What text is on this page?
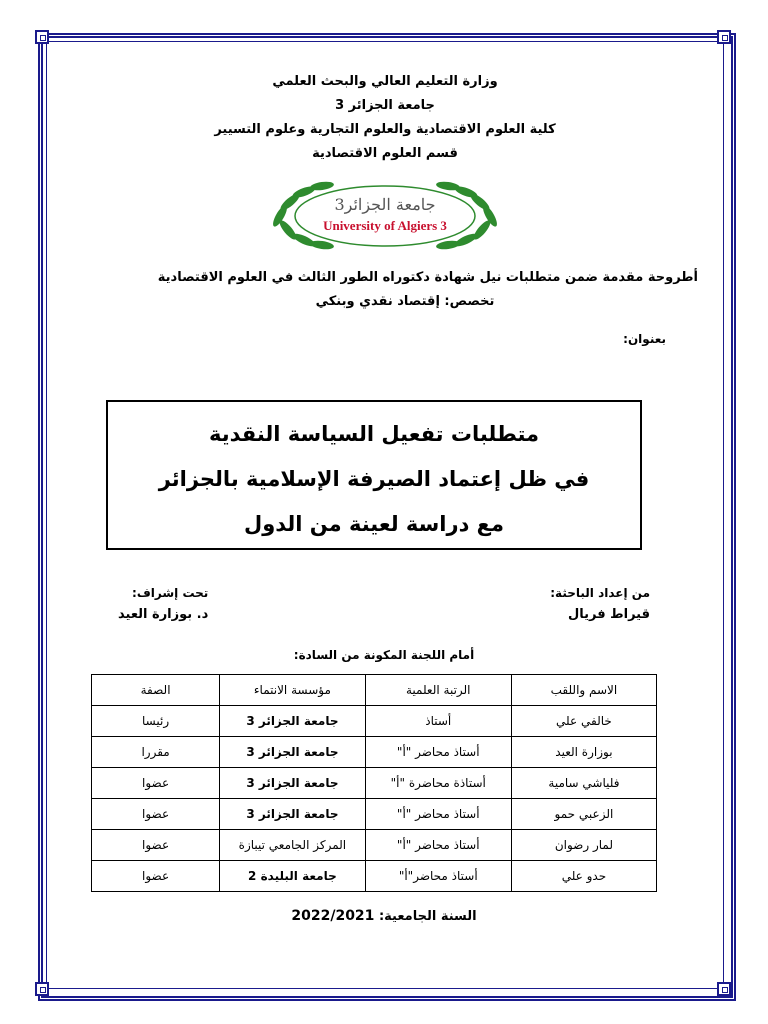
وزارة التعليم العالي والبحث العلمي
جامعة الجزائر 3
كلية العلوم الاقتصادية والعلوم التجارية وعلوم التسيير
قسم العلوم الاقتصادية
جامعة الجزائر3
University of Algiers 3
أطروحة مقدمة ضمن متطلبات نيل شهادة دكتوراه الطور الثالث في العلوم الاقتصادية
تخصص: إقتصاد نقدي وبنكي
بعنوان:
متطلبات تفعيل السياسة النقدية
في ظل إعتماد الصيرفة الإسلامية بالجزائر
مع دراسة لعينة من الدول
من إعداد الباحثة:
قيراط فريال
تحت إشراف:
د. بوزارة العيد
أمام اللجنة المكونة من السادة:
الاسم واللقب	الرتبة العلمية	مؤسسة الانتماء	الصفة
خالفي علي	أستاذ	جامعة الجزائر 3	رئيسا
بوزارة العيد	أستاذ محاضر "أ"	جامعة الجزائر 3	مقررا
فلياشي سامية	أستاذة محاضرة "أ"	جامعة الجزائر 3	عضوا
الزعبي حمو	أستاذ محاضر "أ"	جامعة الجزائر 3	عضوا
لمار رضوان	أستاذ محاضر "أ"	المركز الجامعي تيبازة	عضوا
حدو علي	أستاذ محاضر"أ"	جامعة البليدة 2	عضوا
السنة الجامعية: 2022/2021
